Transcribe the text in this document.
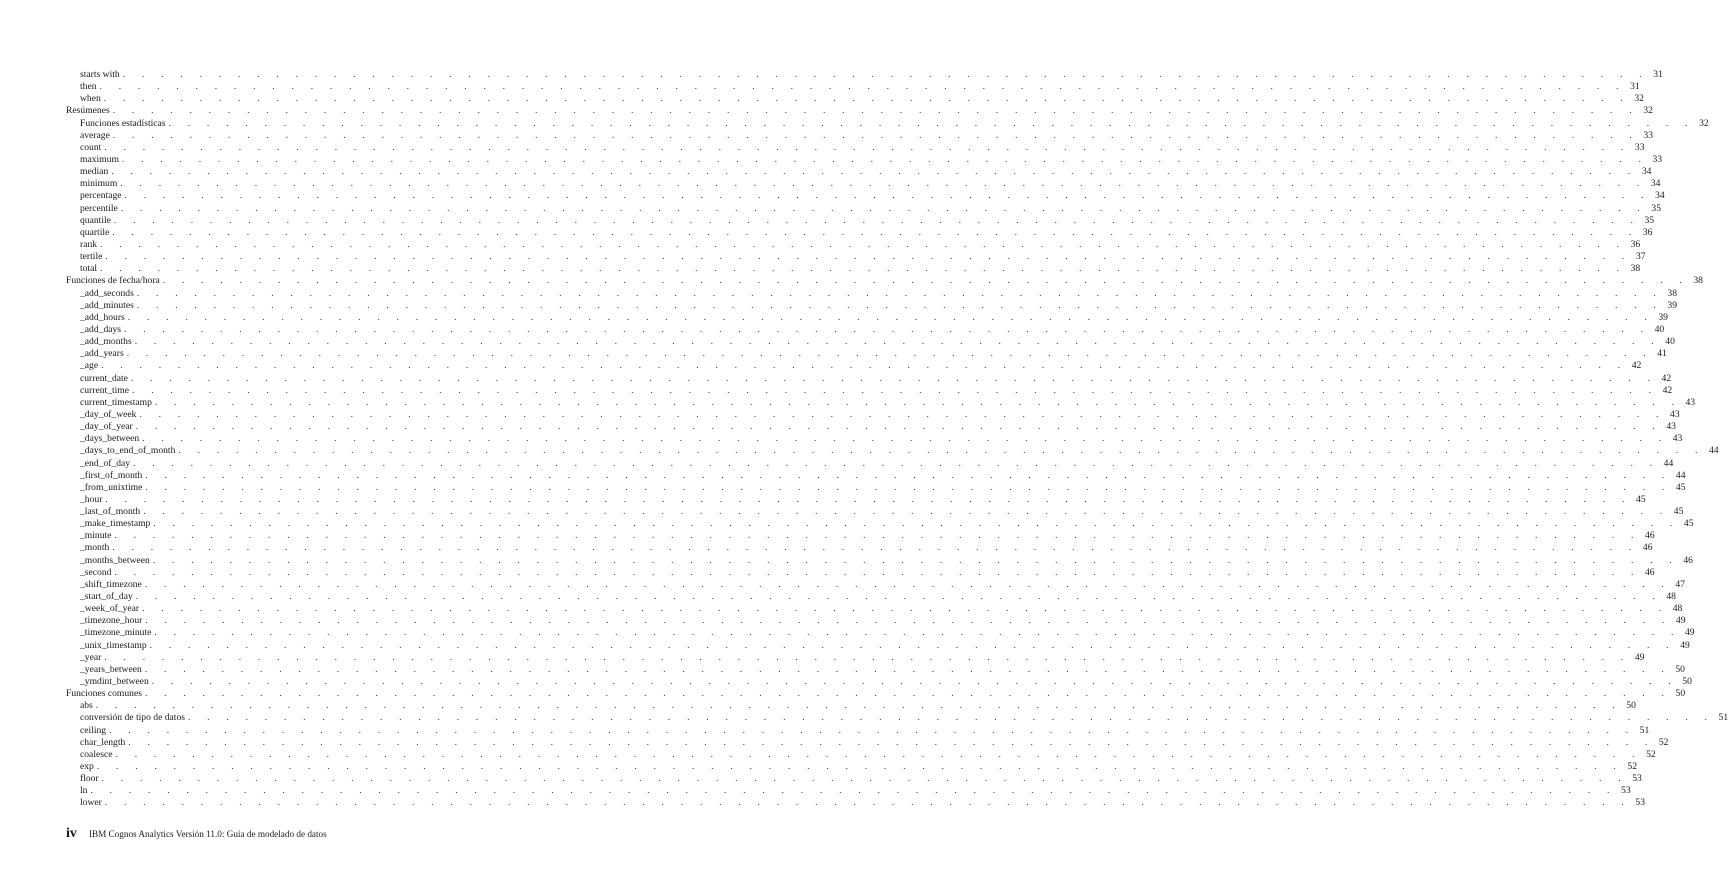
starts with . . . . . . . . . . . . . . . . . . . . . . . . . . . . . . . . . . . . . . . . . . . . . . . . . . . . . . . . . . . . . . . . . . . . . . . . . . . . . . . . 31
then . . . . . . . . . . . . . . . . . . . . . . . . . . . . . . . . . . . . . . . . . . . . . . . . . . . . . . . . . . . . . . . . . . . . . . . . . . . . . . . . 31
when . . . . . . . . . . . . . . . . . . . . . . . . . . . . . . . . . . . . . . . . . . . . . . . . . . . . . . . . . . . . . . . . . . . . . . . . . . . . . . . . 32
Resúmenes . . . . . . . . . . . . . . . . . . . . . . . . . . . . . . . . . . . . . . . . . . . . . . . . . . . . . . . . . . . . . . . . . . . . . . . . . . . . . . . . 32
Funciones estadísticas . . . . . . . . . . . . . . . . . . . . . . . . . . . . . . . . . . . . . . . . . . . . . . . . . . . . . . . . . . . . . . . . . . . . . . . . . . . . . . . . 32
average . . . . . . . . . . . . . . . . . . . . . . . . . . . . . . . . . . . . . . . . . . . . . . . . . . . . . . . . . . . . . . . . . . . . . . . . . . . . . . . . 33
count . . . . . . . . . . . . . . . . . . . . . . . . . . . . . . . . . . . . . . . . . . . . . . . . . . . . . . . . . . . . . . . . . . . . . . . . . . . . . . . . 33
maximum . . . . . . . . . . . . . . . . . . . . . . . . . . . . . . . . . . . . . . . . . . . . . . . . . . . . . . . . . . . . . . . . . . . . . . . . . . . . . . . . 33
median . . . . . . . . . . . . . . . . . . . . . . . . . . . . . . . . . . . . . . . . . . . . . . . . . . . . . . . . . . . . . . . . . . . . . . . . . . . . . . . . 34
minimum . . . . . . . . . . . . . . . . . . . . . . . . . . . . . . . . . . . . . . . . . . . . . . . . . . . . . . . . . . . . . . . . . . . . . . . . . . . . . . . . 34
percentage . . . . . . . . . . . . . . . . . . . . . . . . . . . . . . . . . . . . . . . . . . . . . . . . . . . . . . . . . . . . . . . . . . . . . . . . . . . . . . . . 34
percentile . . . . . . . . . . . . . . . . . . . . . . . . . . . . . . . . . . . . . . . . . . . . . . . . . . . . . . . . . . . . . . . . . . . . . . . . . . . . . . . . 35
quantile . . . . . . . . . . . . . . . . . . . . . . . . . . . . . . . . . . . . . . . . . . . . . . . . . . . . . . . . . . . . . . . . . . . . . . . . . . . . . . . . 35
quartile . . . . . . . . . . . . . . . . . . . . . . . . . . . . . . . . . . . . . . . . . . . . . . . . . . . . . . . . . . . . . . . . . . . . . . . . . . . . . . . . 36
rank . . . . . . . . . . . . . . . . . . . . . . . . . . . . . . . . . . . . . . . . . . . . . . . . . . . . . . . . . . . . . . . . . . . . . . . . . . . . . . . . 36
tertile . . . . . . . . . . . . . . . . . . . . . . . . . . . . . . . . . . . . . . . . . . . . . . . . . . . . . . . . . . . . . . . . . . . . . . . . . . . . . . . . 37
total . . . . . . . . . . . . . . . . . . . . . . . . . . . . . . . . . . . . . . . . . . . . . . . . . . . . . . . . . . . . . . . . . . . . . . . . . . . . . . . . 38
Funciones de fecha/hora . . . . . . . . . . . . . . . . . . . . . . . . . . . . . . . . . . . . . . . . . . . . . . . . . . . . . . . . . . . . . . . . . . . . . . . . . . . . . . . . 38
_add_seconds . . . . . . . . . . . . . . . . . . . . . . . . . . . . . . . . . . . . . . . . . . . . . . . . . . . . . . . . . . . . . . . . . . . . . . . . . . . . . . . . 38
_add_minutes . . . . . . . . . . . . . . . . . . . . . . . . . . . . . . . . . . . . . . . . . . . . . . . . . . . . . . . . . . . . . . . . . . . . . . . . . . . . . . . . 39
_add_hours . . . . . . . . . . . . . . . . . . . . . . . . . . . . . . . . . . . . . . . . . . . . . . . . . . . . . . . . . . . . . . . . . . . . . . . . . . . . . . . . 39
_add_days . . . . . . . . . . . . . . . . . . . . . . . . . . . . . . . . . . . . . . . . . . . . . . . . . . . . . . . . . . . . . . . . . . . . . . . . . . . . . . . . 40
_add_months . . . . . . . . . . . . . . . . . . . . . . . . . . . . . . . . . . . . . . . . . . . . . . . . . . . . . . . . . . . . . . . . . . . . . . . . . . . . . . . . 40
_add_years . . . . . . . . . . . . . . . . . . . . . . . . . . . . . . . . . . . . . . . . . . . . . . . . . . . . . . . . . . . . . . . . . . . . . . . . . . . . . . . . 41
_age . . . . . . . . . . . . . . . . . . . . . . . . . . . . . . . . . . . . . . . . . . . . . . . . . . . . . . . . . . . . . . . . . . . . . . . . . . . . . . . . 42
current_date . . . . . . . . . . . . . . . . . . . . . . . . . . . . . . . . . . . . . . . . . . . . . . . . . . . . . . . . . . . . . . . . . . . . . . . . . . . . . . . . 42
current_time . . . . . . . . . . . . . . . . . . . . . . . . . . . . . . . . . . . . . . . . . . . . . . . . . . . . . . . . . . . . . . . . . . . . . . . . . . . . . . . . 42
current_timestamp . . . . . . . . . . . . . . . . . . . . . . . . . . . . . . . . . . . . . . . . . . . . . . . . . . . . . . . . . . . . . . . . . . . . . . . . . . . . . . . . 43
_day_of_week . . . . . . . . . . . . . . . . . . . . . . . . . . . . . . . . . . . . . . . . . . . . . . . . . . . . . . . . . . . . . . . . . . . . . . . . . . . . . . . . 43
_day_of_year . . . . . . . . . . . . . . . . . . . . . . . . . . . . . . . . . . . . . . . . . . . . . . . . . . . . . . . . . . . . . . . . . . . . . . . . . . . . . . . . 43
_days_between . . . . . . . . . . . . . . . . . . . . . . . . . . . . . . . . . . . . . . . . . . . . . . . . . . . . . . . . . . . . . . . . . . . . . . . . . . . . . . . . 43
_days_to_end_of_month . . . . . . . . . . . . . . . . . . . . . . . . . . . . . . . . . . . . . . . . . . . . . . . . . . . . . . . . . . . . . . . . . . . . . . . . . . . . . . . . 44
_end_of_day . . . . . . . . . . . . . . . . . . . . . . . . . . . . . . . . . . . . . . . . . . . . . . . . . . . . . . . . . . . . . . . . . . . . . . . . . . . . . . . . 44
_first_of_month . . . . . . . . . . . . . . . . . . . . . . . . . . . . . . . . . . . . . . . . . . . . . . . . . . . . . . . . . . . . . . . . . . . . . . . . . . . . . . . . 44
_from_unixtime . . . . . . . . . . . . . . . . . . . . . . . . . . . . . . . . . . . . . . . . . . . . . . . . . . . . . . . . . . . . . . . . . . . . . . . . . . . . . . . . 45
_hour . . . . . . . . . . . . . . . . . . . . . . . . . . . . . . . . . . . . . . . . . . . . . . . . . . . . . . . . . . . . . . . . . . . . . . . . . . . . . . . . 45
_last_of_month . . . . . . . . . . . . . . . . . . . . . . . . . . . . . . . . . . . . . . . . . . . . . . . . . . . . . . . . . . . . . . . . . . . . . . . . . . . . . . . . 45
_make_timestamp . . . . . . . . . . . . . . . . . . . . . . . . . . . . . . . . . . . . . . . . . . . . . . . . . . . . . . . . . . . . . . . . . . . . . . . . . . . . . . . . 45
_minute . . . . . . . . . . . . . . . . . . . . . . . . . . . . . . . . . . . . . . . . . . . . . . . . . . . . . . . . . . . . . . . . . . . . . . . . . . . . . . . . 46
_month . . . . . . . . . . . . . . . . . . . . . . . . . . . . . . . . . . . . . . . . . . . . . . . . . . . . . . . . . . . . . . . . . . . . . . . . . . . . . . . . 46
_months_between . . . . . . . . . . . . . . . . . . . . . . . . . . . . . . . . . . . . . . . . . . . . . . . . . . . . . . . . . . . . . . . . . . . . . . . . . . . . . . . . 46
_second . . . . . . . . . . . . . . . . . . . . . . . . . . . . . . . . . . . . . . . . . . . . . . . . . . . . . . . . . . . . . . . . . . . . . . . . . . . . . . . . 46
_shift_timezone . . . . . . . . . . . . . . . . . . . . . . . . . . . . . . . . . . . . . . . . . . . . . . . . . . . . . . . . . . . . . . . . . . . . . . . . . . . . . . . . 47
_start_of_day . . . . . . . . . . . . . . . . . . . . . . . . . . . . . . . . . . . . . . . . . . . . . . . . . . . . . . . . . . . . . . . . . . . . . . . . . . . . . . . . 48
_week_of_year . . . . . . . . . . . . . . . . . . . . . . . . . . . . . . . . . . . . . . . . . . . . . . . . . . . . . . . . . . . . . . . . . . . . . . . . . . . . . . . . 48
_timezone_hour . . . . . . . . . . . . . . . . . . . . . . . . . . . . . . . . . . . . . . . . . . . . . . . . . . . . . . . . . . . . . . . . . . . . . . . . . . . . . . . . 49
_timezone_minute . . . . . . . . . . . . . . . . . . . . . . . . . . . . . . . . . . . . . . . . . . . . . . . . . . . . . . . . . . . . . . . . . . . . . . . . . . . . . . . . 49
_unix_timestamp . . . . . . . . . . . . . . . . . . . . . . . . . . . . . . . . . . . . . . . . . . . . . . . . . . . . . . . . . . . . . . . . . . . . . . . . . . . . . . . . 49
_year . . . . . . . . . . . . . . . . . . . . . . . . . . . . . . . . . . . . . . . . . . . . . . . . . . . . . . . . . . . . . . . . . . . . . . . . . . . . . . . . 49
_years_between . . . . . . . . . . . . . . . . . . . . . . . . . . . . . . . . . . . . . . . . . . . . . . . . . . . . . . . . . . . . . . . . . . . . . . . . . . . . . . . . 50
_ymdint_between . . . . . . . . . . . . . . . . . . . . . . . . . . . . . . . . . . . . . . . . . . . . . . . . . . . . . . . . . . . . . . . . . . . . . . . . . . . . . . . . 50
Funciones comunes . . . . . . . . . . . . . . . . . . . . . . . . . . . . . . . . . . . . . . . . . . . . . . . . . . . . . . . . . . . . . . . . . . . . . . . . . . . . . . . . 50
abs . . . . . . . . . . . . . . . . . . . . . . . . . . . . . . . . . . . . . . . . . . . . . . . . . . . . . . . . . . . . . . . . . . . . . . . . . . . . . . . . 50
conversión de tipo de datos . . . . . . . . . . . . . . . . . . . . . . . . . . . . . . . . . . . . . . . . . . . . . . . . . . . . . . . . . . . . . . . . . . . . . . . . . . . . . . . . 51
ceiling . . . . . . . . . . . . . . . . . . . . . . . . . . . . . . . . . . . . . . . . . . . . . . . . . . . . . . . . . . . . . . . . . . . . . . . . . . . . . . . . 51
char_length . . . . . . . . . . . . . . . . . . . . . . . . . . . . . . . . . . . . . . . . . . . . . . . . . . . . . . . . . . . . . . . . . . . . . . . . . . . . . . . . 52
coalesce . . . . . . . . . . . . . . . . . . . . . . . . . . . . . . . . . . . . . . . . . . . . . . . . . . . . . . . . . . . . . . . . . . . . . . . . . . . . . . . . 52
exp . . . . . . . . . . . . . . . . . . . . . . . . . . . . . . . . . . . . . . . . . . . . . . . . . . . . . . . . . . . . . . . . . . . . . . . . . . . . . . . . 52
floor . . . . . . . . . . . . . . . . . . . . . . . . . . . . . . . . . . . . . . . . . . . . . . . . . . . . . . . . . . . . . . . . . . . . . . . . . . . . . . . . 53
ln . . . . . . . . . . . . . . . . . . . . . . . . . . . . . . . . . . . . . . . . . . . . . . . . . . . . . . . . . . . . . . . . . . . . . . . . . . . . . . . . 53
lower . . . . . . . . . . . . . . . . . . . . . . . . . . . . . . . . . . . . . . . . . . . . . . . . . . . . . . . . . . . . . . . . . . . . . . . . . . . . . . . . 53
iv IBM Cognos Analytics Versión 11.0: Guía de modelado de datos
